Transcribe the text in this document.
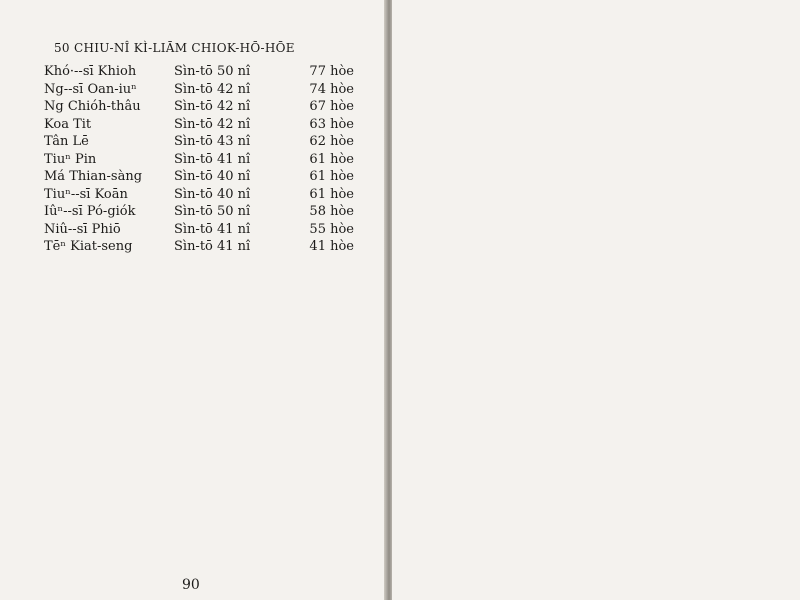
50 CHIU-NÎ KÌ-LIĀM CHIOK-HŌ-HŌE
Khó·--sī Khioh	Sìn-tō 50 nî	77 hòe
Ng--sī Oan-iuⁿ	Sìn-tō 42 nî	74 hòe
Ng Chióh-thâu	Sìn-tō 42 nî	67 hòe
Koa Tit	Sìn-tō 42 nî	63 hòe
Tân Lē	Sìn-tō 43 nî	62 hòe
Tiuⁿ Pin	Sìn-tō 41 nî	61 hòe
Má Thian-sàng	Sìn-tō 40 nî	61 hòe
Tiuⁿ--sī Koān	Sìn-tō 40 nî	61 hòe
Iûⁿ--sī Pó-giók	Sìn-tō 50 nî	58 hòe
Niû--sī Phiō	Sìn-tō 41 nî	55 hòe
Tēⁿ Kiat-seng	Sìn-tō 41 nî	41 hòe
90
